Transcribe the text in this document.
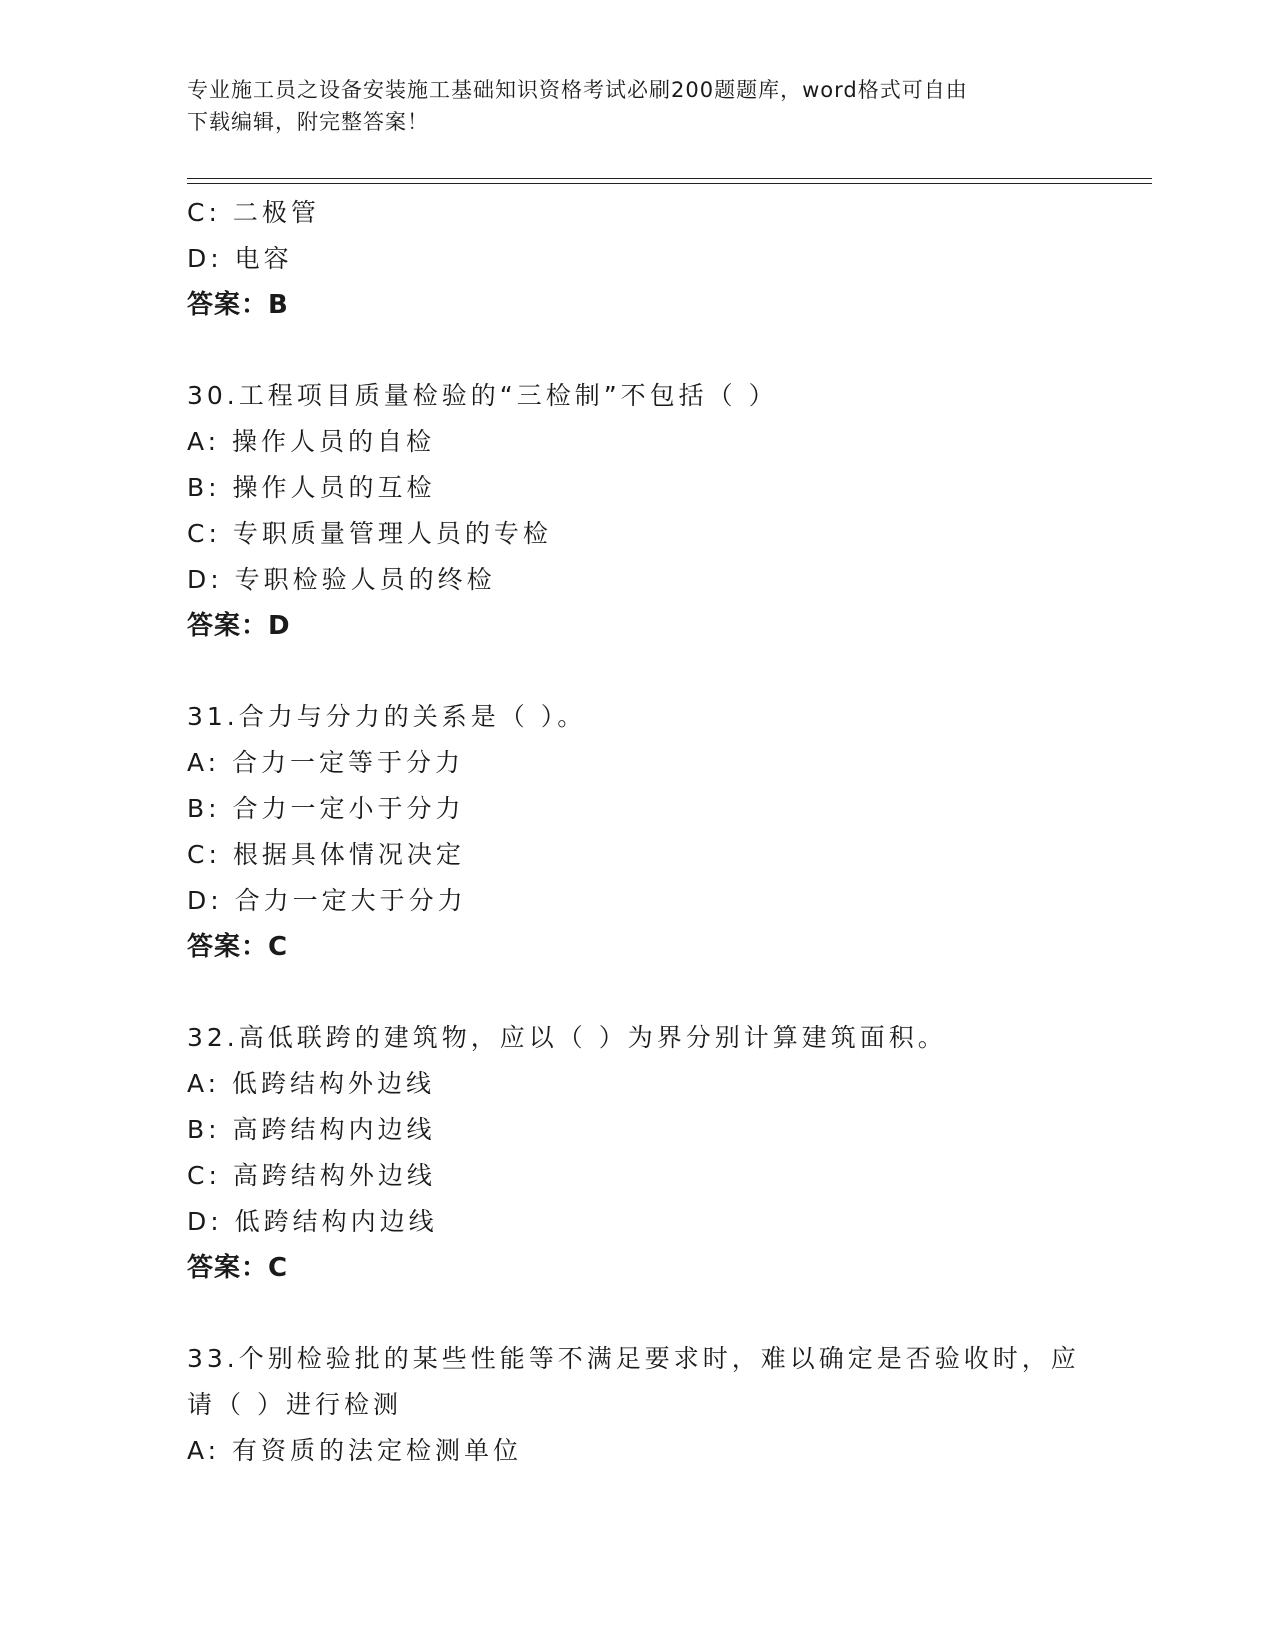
专业施工员之设备安装施工基础知识资格考试必刷200题题库，word格式可自由
下载编辑，附完整答案！
C: 二极管
D: 电容
答案：B
30.工程项目质量检验的“三检制”不包括（ ）
A: 操作人员的自检
B: 操作人员的互检
C: 专职质量管理人员的专检
D: 专职检验人员的终检
答案：D
31.合力与分力的关系是（ ）。
A: 合力一定等于分力
B: 合力一定小于分力
C: 根据具体情况决定
D: 合力一定大于分力
答案：C
32.高低联跨的建筑物，应以（ ）为界分别计算建筑面积。
A: 低跨结构外边线
B: 高跨结构内边线
C: 高跨结构外边线
D: 低跨结构内边线
答案：C
33.个别检验批的某些性能等不满足要求时，难以确定是否验收时，应
请（ ）进行检测
A: 有资质的法定检测单位
